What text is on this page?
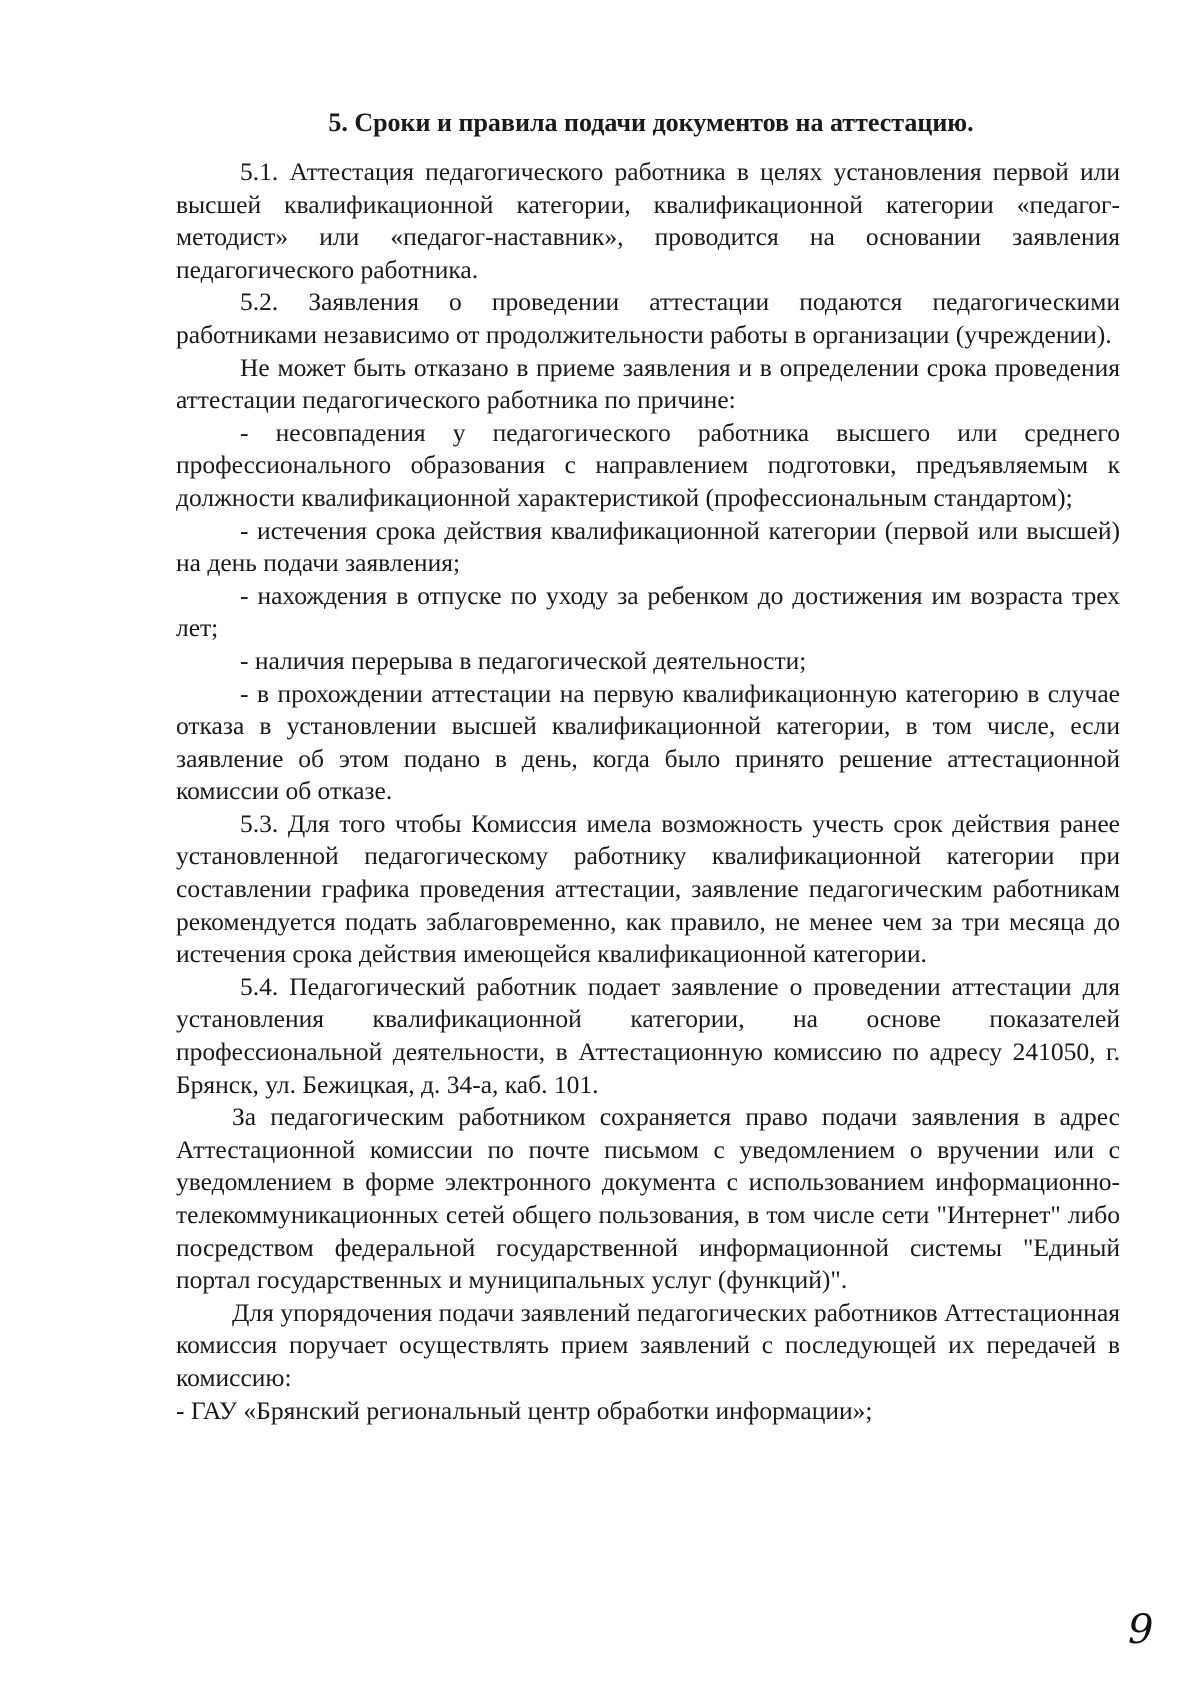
5. Сроки и правила подачи документов на аттестацию.

5.1. Аттестация педагогического работника в целях установления первой или высшей квалификационной категории, квалификационной категории «педагог-методист» или «педагог-наставник», проводится на основании заявления педагогического работника.

5.2. Заявления о проведении аттестации подаются педагогическими работниками независимо от продолжительности работы в организации (учреждении).

Не может быть отказано в приеме заявления и в определении срока проведения аттестации педагогического работника по причине:

- несовпадения у педагогического работника высшего или среднего профессионального образования с направлением подготовки, предъявляемым к должности квалификационной характеристикой (профессиональным стандартом);

- истечения срока действия квалификационной категории (первой или высшей) на день подачи заявления;

- нахождения в отпуске по уходу за ребенком до достижения им возраста трех лет;

- наличия перерыва в педагогической деятельности;

- в прохождении аттестации на первую квалификационную категорию в случае отказа в установлении высшей квалификационной категории, в том числе, если заявление об этом подано в день, когда было принято решение аттестационной комиссии об отказе.

5.3. Для того чтобы Комиссия имела возможность учесть срок действия ранее установленной педагогическому работнику квалификационной категории при составлении графика проведения аттестации, заявление педагогическим работникам рекомендуется подать заблаговременно, как правило, не менее чем за три месяца до истечения срока действия имеющейся квалификационной категории.

5.4. Педагогический работник подает заявление о проведении аттестации для установления квалификационной категории, на основе показателей профессиональной деятельности, в Аттестационную комиссию по адресу 241050, г. Брянск, ул. Бежицкая, д. 34-а, каб. 101.

За педагогическим работником сохраняется право подачи заявления в адрес Аттестационной комиссии по почте письмом с уведомлением о вручении или с уведомлением в форме электронного документа с использованием информационно-телекоммуникационных сетей общего пользования, в том числе сети "Интернет" либо посредством федеральной государственной информационной системы "Единый портал государственных и муниципальных услуг (функций)".

Для упорядочения подачи заявлений педагогических работников Аттестационная комиссия поручает осуществлять прием заявлений с последующей их передачей в комиссию:

- ГАУ «Брянский региональный центр обработки информации»;

9
